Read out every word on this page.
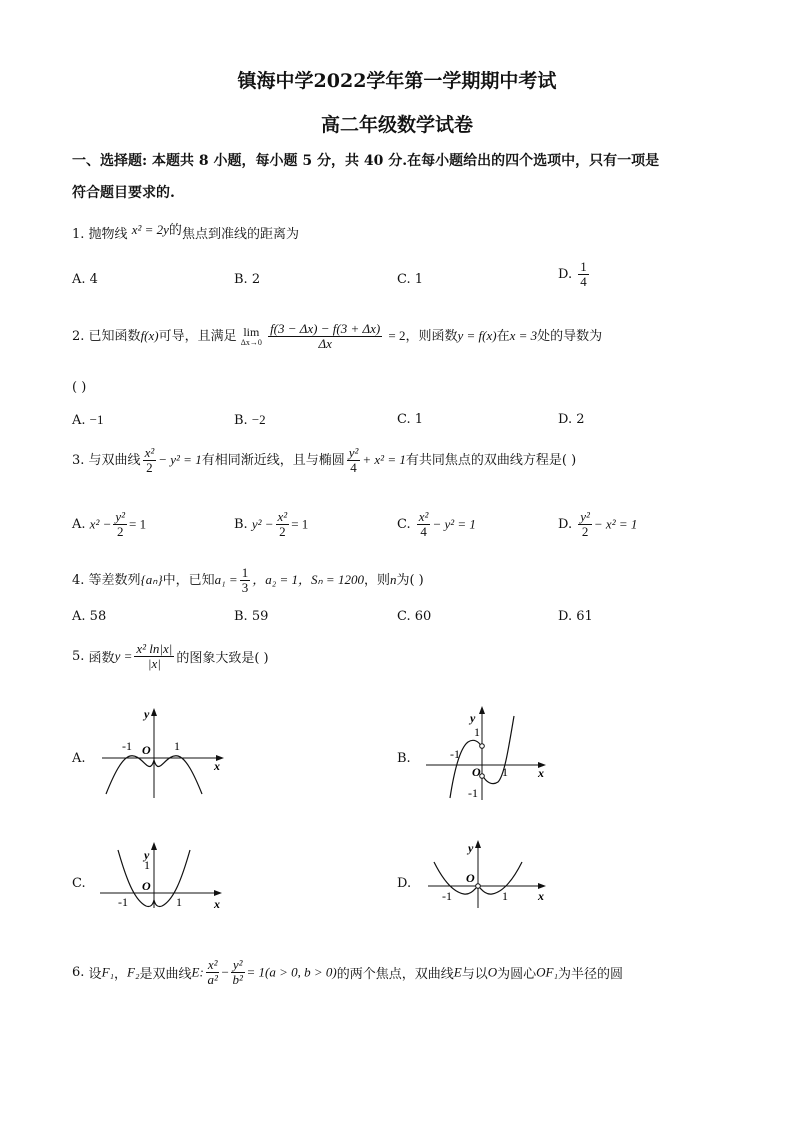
镇海中学2022学年第一学期期中考试
高二年级数学试卷
一、选择题: 本题共 8 小题，每小题 5 分，共 40 分.在每小题给出的四个选项中，只有一项是
符合题目要求的.
1. 抛物线 x² = 2y的焦点到准线的距离为
A. 4	B. 2	C. 1	D. $\frac{1}{4}$
2. 已知函数f(x)可导，且满足 lim
Δx→0
$\frac{f(3 - \Delta x) - f(3 + \Delta x)}{\Delta x} = 2$，则函数y = f(x)在x = 3处的导数为
( )
A. −1	B. −2	C. 1	D. 2
3. 与双曲线 $\frac{\text{x²}}{2} - y^2 = 1$有相同渐近线，且与椭圆 $\frac{\text{y²}}{4} + x^2 = 1$有共同焦点的双曲线方程是( )
A. $x^2 - \frac{\text{y²}}{2} = 1$	B. $y^2 - \frac{\text{x²}}{2} = 1$	C. $\frac{\text{x²}}{4} - y^2 = 1$	D. $\frac{\text{y²}}{2} - x^2 = 1$
4. 等差数列{aₙ}中，已知$a_1 = \frac{1}{3}$ ，a₂ = 1，Sₙ = 1200，则n为( )
A. 58	B. 59	C. 60	D. 61
5. 函数$y = \frac{\text{x² ln|x|}}{|x|}$ 的图象大致是( )
A.
O
-1	1
y
x	B.	-1
O 1
1
-1
y
x
C.
y
1
O
-1	1	x
D.
y
O
-1	1	x
6. 设F₁，F₂是双曲线E: $\frac{\text{x²}}{\text{a²}} - \frac{\text{y²}}{\text{b²}} = 1(a > 0$, b > 0)的两个焦点，双曲线E与以O为圆心OF₁为半径的圆
